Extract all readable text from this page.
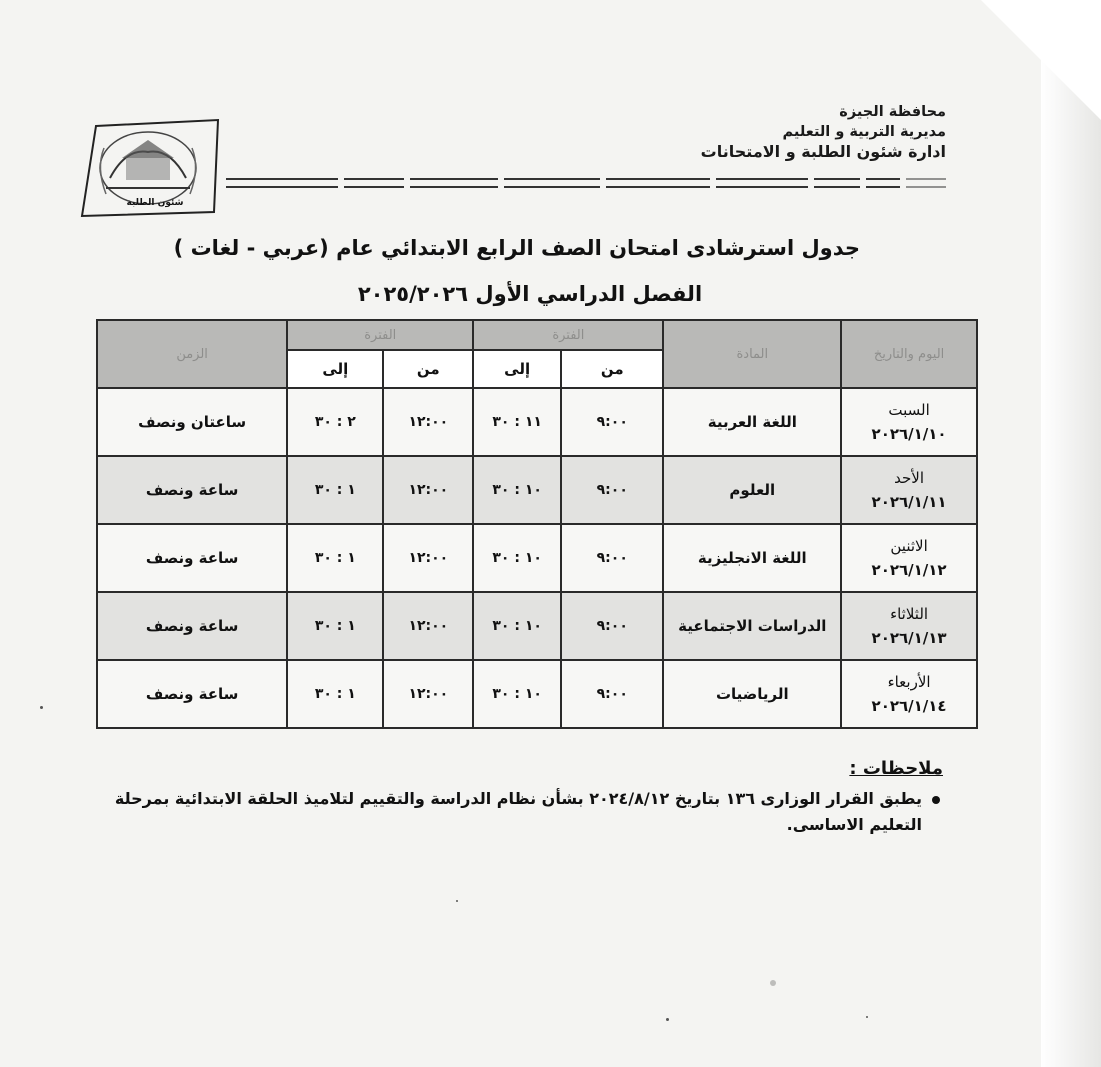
محافظة الجيزة
مديرية التربية و التعليم
ادارة شئون الطلبة و الامتحانات
شئون الطلبة
جدول استرشادى امتحان الصف الرابع الابتدائي عام (عربي - لغات )
الفصل الدراسي الأول ٢٠٢٥/٢٠٢٦
اليوم والتاريخ	المادة	الفترة		الفترة		الزمن
		من	إلى	من	إلى	

السبت
٢٠٢٦/١/١٠	اللغة العربية	٩:٠٠	١١ : ٣٠	١٢:٠٠	٢ : ٣٠	ساعتان ونصف

الأحد
٢٠٢٦/١/١١	العلوم	٩:٠٠	١٠ : ٣٠	١٢:٠٠	١ : ٣٠	ساعة ونصف

الاثنين
٢٠٢٦/١/١٢	اللغة الانجليزية	٩:٠٠	١٠ : ٣٠	١٢:٠٠	١ : ٣٠	ساعة ونصف

الثلاثاء
٢٠٢٦/١/١٣	الدراسات الاجتماعية	٩:٠٠	١٠ : ٣٠	١٢:٠٠	١ : ٣٠	ساعة ونصف

الأربعاء
٢٠٢٦/١/١٤	الرياضيات	٩:٠٠	١٠ : ٣٠	١٢:٠٠	١ : ٣٠	ساعة ونصف
ملاحظات :
يطبق القرار الوزارى ١٣٦ بتاريخ ٢٠٢٤/٨/١٢ بشأن نظام الدراسة والتقييم لتلاميذ الحلقة الابتدائية بمرحلة
التعليم الاساسى.
